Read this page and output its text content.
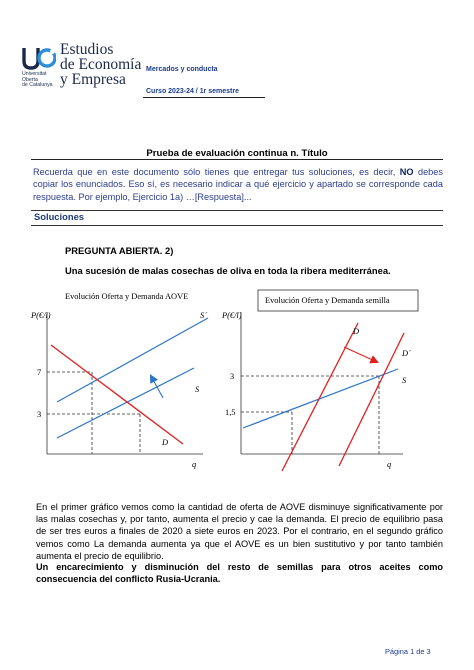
Estudios
de Economía
y Empresa
Universitat
Oberta
de Catalunya
Mercados y conducta
Curso 2023-24 / 1r semestre
Prueba de evaluación continua n. Título
Recuerda que en este documento sólo tienes que entregar tus soluciones, es decir, NO debes copiar los enunciados. Eso sí, es necesario indicar a qué ejercicio y apartado se corresponde cada respuesta. Por ejemplo, Ejercicio 1a) …[Respuesta]...
Soluciones
PREGUNTA ABIERTA. 2)
Una sucesión de malas cosechas de oliva en toda la ribera mediterránea.
Evolución Oferta y Demanda AOVE
P(€/l)
q
7
3
S´
S
D
Evolución Oferta y Demanda semilla
P(€/l)
q
3
1,5
D
D´
S
En el primer gráfico vemos como la cantidad de oferta de AOVE disminuye significativamente por las malas cosechas y, por tanto, aumenta el precio y cae la demanda. El precio de equilibrio pasa de ser tres euros a finales de 2020 a siete euros en 2023. Por el contrario, en el segundo gráfico vemos como La demanda aumenta ya que el AOVE es un bien sustitutivo y por tanto también aumenta el precio de equilibrio.
Un encarecimiento y disminución del resto de semillas para otros aceites como consecuencia del conflicto Rusia-Ucrania.
Página 1 de 3
